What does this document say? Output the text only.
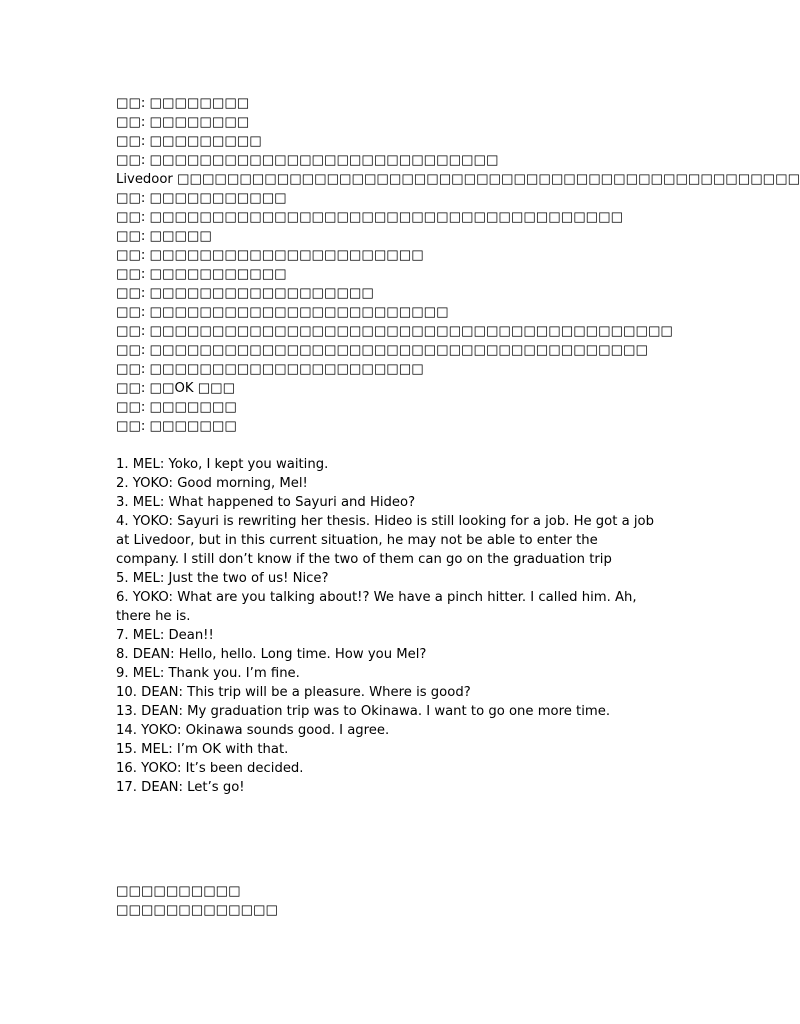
□□: □□□□□□□□

□□: □□□□□□□□

□□: □□□□□□□□□

□□: □□□□□□□□□□□□□□□□□□□□□□□□□□□□

Livedoor □□□□□□□□□□□□□□□□□□□□□□□□□□□□□□□□□□□□□□□□□□□□□□□□□□

□□: □□□□□□□□□□□

□□: □□□□□□□□□□□□□□□□□□□□□□□□□□□□□□□□□□□□□□

□□: □□□□□

□□: □□□□□□□□□□□□□□□□□□□□□□

□□: □□□□□□□□□□□

□□: □□□□□□□□□□□□□□□□□□

□□: □□□□□□□□□□□□□□□□□□□□□□□□

□□: □□□□□□□□□□□□□□□□□□□□□□□□□□□□□□□□□□□□□□□□□□

□□: □□□□□□□□□□□□□□□□□□□□□□□□□□□□□□□□□□□□□□□□

□□: □□□□□□□□□□□□□□□□□□□□□□

□□: □□OK □□□

□□: □□□□□□□

□□: □□□□□□□

1. MEL: Yoko, I kept you waiting.

2. YOKO: Good morning, Mel!

3. MEL: What happened to Sayuri and Hideo?

4. YOKO: Sayuri is rewriting her thesis. Hideo is still looking for a job. He got a job at Livedoor, but in this current situation, he may not be able to enter the company. I still don’t know if the two of them can go on the graduation trip

5. MEL: Just the two of us! Nice?

6. YOKO: What are you talking about!? We have a pinch hitter. I called him. Ah, there he is.

7. MEL: Dean!!

8. DEAN: Hello, hello. Long time. How you Mel?

9. MEL: Thank you. I’m fine.

10. DEAN: This trip will be a pleasure. Where is good?

13. DEAN: My graduation trip was to Okinawa. I want to go one more time.

14. YOKO: Okinawa sounds good. I agree.

15. MEL: I’m OK with that.

16. YOKO: It’s been decided.

17. DEAN: Let’s go!

□□□□□□□□□□

□□□□□□□□□□□□□
